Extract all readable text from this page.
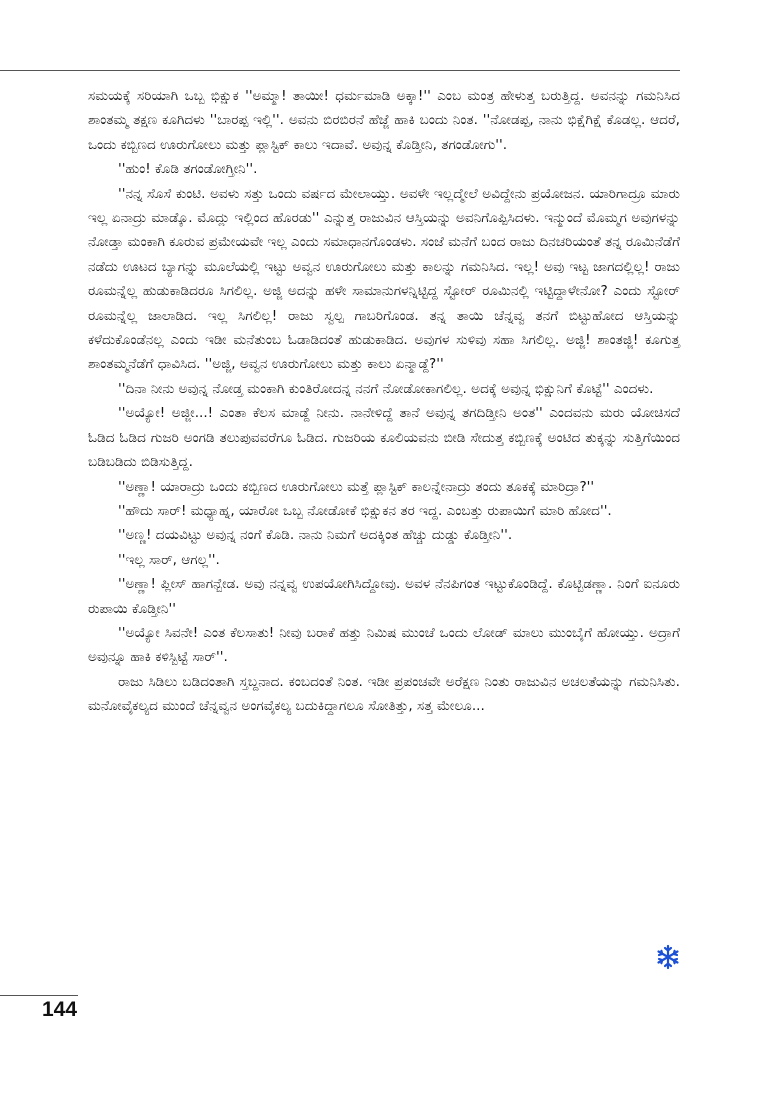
ಸಮಯಕ್ಕೆ ಸರಿಯಾಗಿ ಒಬ್ಬ ಭಿಕ್ಷುಕ ''ಅಮ್ಮಾ! ತಾಯೀ! ಧರ್ಮಮಾಡಿ ಅಕ್ಕಾ!'' ಎಂಬ ಮಂತ್ರ ಹೇಳುತ್ತ ಬರುತ್ತಿದ್ದ. ಅವನನ್ನು ಗಮನಿಸಿದ ಶಾಂತಮ್ಮ ತಕ್ಷಣ ಕೂಗಿದಳು ''ಬಾರಪ್ಪ ಇಲ್ಲಿ''. ಅವನು ಬಿರಬಿರನೆ ಹೆಜ್ಜೆ ಹಾಕಿ ಬಂದು ನಿಂತ. ''ನೋಡಪ್ಪ, ನಾನು ಭಿಕ್ಷೆಗಿಕ್ಷೆ ಕೊಡಲ್ಲ. ಆದರೆ, ಒಂದು ಕಬ್ಬಿಣದ ಊರುಗೋಲು ಮತ್ತು ಪ್ಲಾಸ್ಟಿಕ್ ಕಾಲು ಇದಾವೆ. ಅವುನ್ನ ಕೊಡ್ತೀನಿ, ತಗಂಡೋಗು''.

''ಹುಂ! ಕೊಡಿ ತಗಂಡೋಗ್ತೀನಿ''.

''ನನ್ನ ಸೊಸೆ ಕುಂಟಿ. ಅವಳು ಸತ್ತು ಒಂದು ವರ್ಷದ ಮೇಲಾಯ್ತು. ಅವಳೇ ಇಲ್ಲದ್ಮೇಲೆ ಅವಿದ್ದೇನು ಪ್ರಯೋಜನ. ಯಾರಿಗಾದ್ರೂ ಮಾರು ಇಲ್ಲ ಏನಾದ್ರು ಮಾಡ್ಕೊ. ಮೊದ್ಲು ಇಲ್ಲಿಂದ ಹೊರಡು'' ಎನ್ನುತ್ತ ರಾಜುವಿನ ಆಸ್ತಿಯನ್ನು ಅವನಿಗೊಪ್ಪಿಸಿದಳು. ಇನ್ಮುಂದೆ ಮೊಮ್ಮಗ ಅವುಗಳನ್ನು ನೋಡ್ತಾ ಮಂಕಾಗಿ ಕೂರುವ ಪ್ರಮೇಯವೇ ಇಲ್ಲ ಎಂದು ಸಮಾಧಾನಗೊಂಡಳು. ಸಂಜೆ ಮನೆಗೆ ಬಂದ ರಾಜು ದಿನಚರಿಯಂತೆ ತನ್ನ ರೂಮಿನೆಡೆಗೆ ನಡೆದು ಊಟದ ಬ್ಯಾಗನ್ನು ಮೂಲೆಯಲ್ಲಿ ಇಟ್ಟು ಅವ್ವನ ಊರುಗೋಲು ಮತ್ತು ಕಾಲನ್ನು ಗಮನಿಸಿದ. ಇಲ್ಲ! ಅವು ಇಟ್ಟ ಜಾಗದಲ್ಲಿಲ್ಲ! ರಾಜು ರೂಮನ್ನೆಲ್ಲ ಹುಡುಕಾಡಿದರೂ ಸಿಗಲಿಲ್ಲ. ಅಜ್ಜಿ ಅದನ್ನು ಹಳೇ ಸಾಮಾನುಗಳನ್ನಿಟ್ಟಿದ್ದ ಸ್ಟೋರ್ ರೂಮಿನಲ್ಲಿ ಇಟ್ಟಿದ್ದಾಳೇನೋ? ಎಂದು ಸ್ಟೋರ್ ರೂಮನ್ನೆಲ್ಲ ಜಾಲಾಡಿದ. ಇಲ್ಲ ಸಿಗಲಿಲ್ಲ! ರಾಜು ಸ್ವಲ್ಪ ಗಾಬರಿಗೊಂಡ. ತನ್ನ ತಾಯಿ ಚೆನ್ನವ್ವ ತನಗೆ ಬಿಟ್ಟುಹೋದ ಆಸ್ತಿಯನ್ನು ಕಳೆದುಕೊಂಡೆನಲ್ಲ ಎಂದು ಇಡೀ ಮನೆತುಂಬ ಓಡಾಡಿದಂತೆ ಹುಡುಕಾಡಿದ. ಅವುಗಳ ಸುಳಿವು ಸಹಾ ಸಿಗಲಿಲ್ಲ. ಅಜ್ಜಿ! ಶಾಂತಜ್ಜಿ! ಕೂಗುತ್ತ ಶಾಂತಮ್ಮನೆಡೆಗೆ ಧಾವಿಸಿದ. ''ಅಜ್ಜಿ, ಅವ್ವನ ಊರುಗೋಲು ಮತ್ತು ಕಾಲು ಏನ್ಮಾಡ್ದೆ?''

''ದಿನಾ ನೀನು ಅವುನ್ನ ನೋಡ್ತ ಮಂಕಾಗಿ ಕುಂತಿರೋದನ್ನ ನನಗೆ ನೋಡೋಕಾಗಲಿಲ್ಲ. ಅದಕ್ಕೆ ಅವುನ್ನ ಭಿಕ್ಷುನಿಗೆ ಕೊಟ್ಟೆ'' ಎಂದಳು.

''ಅಯ್ಯೋ! ಅಜ್ಜೀ...! ಎಂತಾ ಕೆಲಸ ಮಾಡ್ದೆ ನೀನು. ನಾನೇಳಿದ್ದೆ ತಾನೆ ಅವುನ್ನ ತಗದಿಡ್ತೀನಿ ಅಂತ'' ಎಂದವನು ಮರು ಯೋಚಿಸದೆ ಓಡಿದ ಓಡಿದ ಗುಜರಿ ಅಂಗಡಿ ತಲುಪುವವರೆಗೂ ಓಡಿದ. ಗುಜರಿಯ ಕೂಲಿಯವನು ಬೀಡಿ ಸೇದುತ್ತ ಕಬ್ಬಿಣಕ್ಕೆ ಅಂಟಿದ ತುಕ್ಕನ್ನು ಸುತ್ತಿಗೆಯಿಂದ ಬಡಿಬಡಿದು ಬಿಡಿಸುತ್ತಿದ್ದ.

''ಅಣ್ಣಾ! ಯಾರಾದ್ರು ಒಂದು ಕಬ್ಬಿಣದ ಊರುಗೋಲು ಮತ್ತೆ ಪ್ಲಾಸ್ಟಿಕ್ ಕಾಲನ್ನೇನಾದ್ರು ತಂದು ತೂಕಕ್ಕೆ ಮಾರಿದ್ರಾ?''

''ಹೌದು ಸಾರ್! ಮಧ್ಯಾಹ್ನ, ಯಾರೋ ಒಬ್ಬ ನೋಡೋಕೆ ಭಿಕ್ಷುಕನ ತರ ಇದ್ದ. ಎಂಬತ್ತು ರುಪಾಯಿಗೆ ಮಾರಿ ಹೋದ''.

''ಅಣ್ಣ! ದಯವಿಟ್ಟು ಅವುನ್ನ ನಂಗೆ ಕೊಡಿ. ನಾನು ನಿಮಗೆ ಅದಕ್ಕಿಂತ ಹೆಚ್ಚು ದುಡ್ಡು ಕೊಡ್ತೀನಿ''.

''ಇಲ್ಲ ಸಾರ್, ಆಗಲ್ಲ''.

''ಅಣ್ಣಾ! ಪ್ಲೀಸ್ ಹಾಗನ್ಬೇಡ. ಅವು ನನ್ನವ್ವ ಉಪಯೋಗಿಸಿದ್ದೋವು. ಅವಳ ನೆನಪಿಗಂತ ಇಟ್ಟುಕೊಂಡಿದ್ದೆ. ಕೊಟ್ಬಿಡಣ್ಣಾ. ನಿಂಗೆ ಐನೂರು ರುಪಾಯಿ ಕೊಡ್ತೀನಿ''

''ಅಯ್ಯೋ ಸಿವನೇ! ಎಂತ ಕೆಲಸಾತು! ನೀವು ಬರಾಕೆ ಹತ್ತು ನಿಮಿಷ ಮುಂಚೆ ಒಂದು ಲೋಡ್ ಮಾಲು ಮುಂಬೈಗೆ ಹೋಯ್ತು. ಅದ್ರಾಗೆ ಅವುನ್ನೂ ಹಾಕಿ ಕಳಿಸ್ಬಿಟ್ಟೆ ಸಾರ್''.

ರಾಜು ಸಿಡಿಲು ಬಡಿದಂತಾಗಿ ಸ್ತಬ್ದನಾದ. ಕಂಬದಂತೆ ನಿಂತ. ಇಡೀ ಪ್ರಪಂಚವೇ ಅರೆಕ್ಷಣ ನಿಂತು ರಾಜುವಿನ ಅಚಲತೆಯನ್ನು ಗಮನಿಸಿತು. ಮನೋವೈಕಲ್ಯದ ಮುಂದೆ ಚೆನ್ನವ್ವನ ಅಂಗವೈಕಲ್ಯ ಬದುಕಿದ್ದಾಗಲೂ ಸೋತಿತ್ತು, ಸತ್ತ ಮೇಲೂ...

144
